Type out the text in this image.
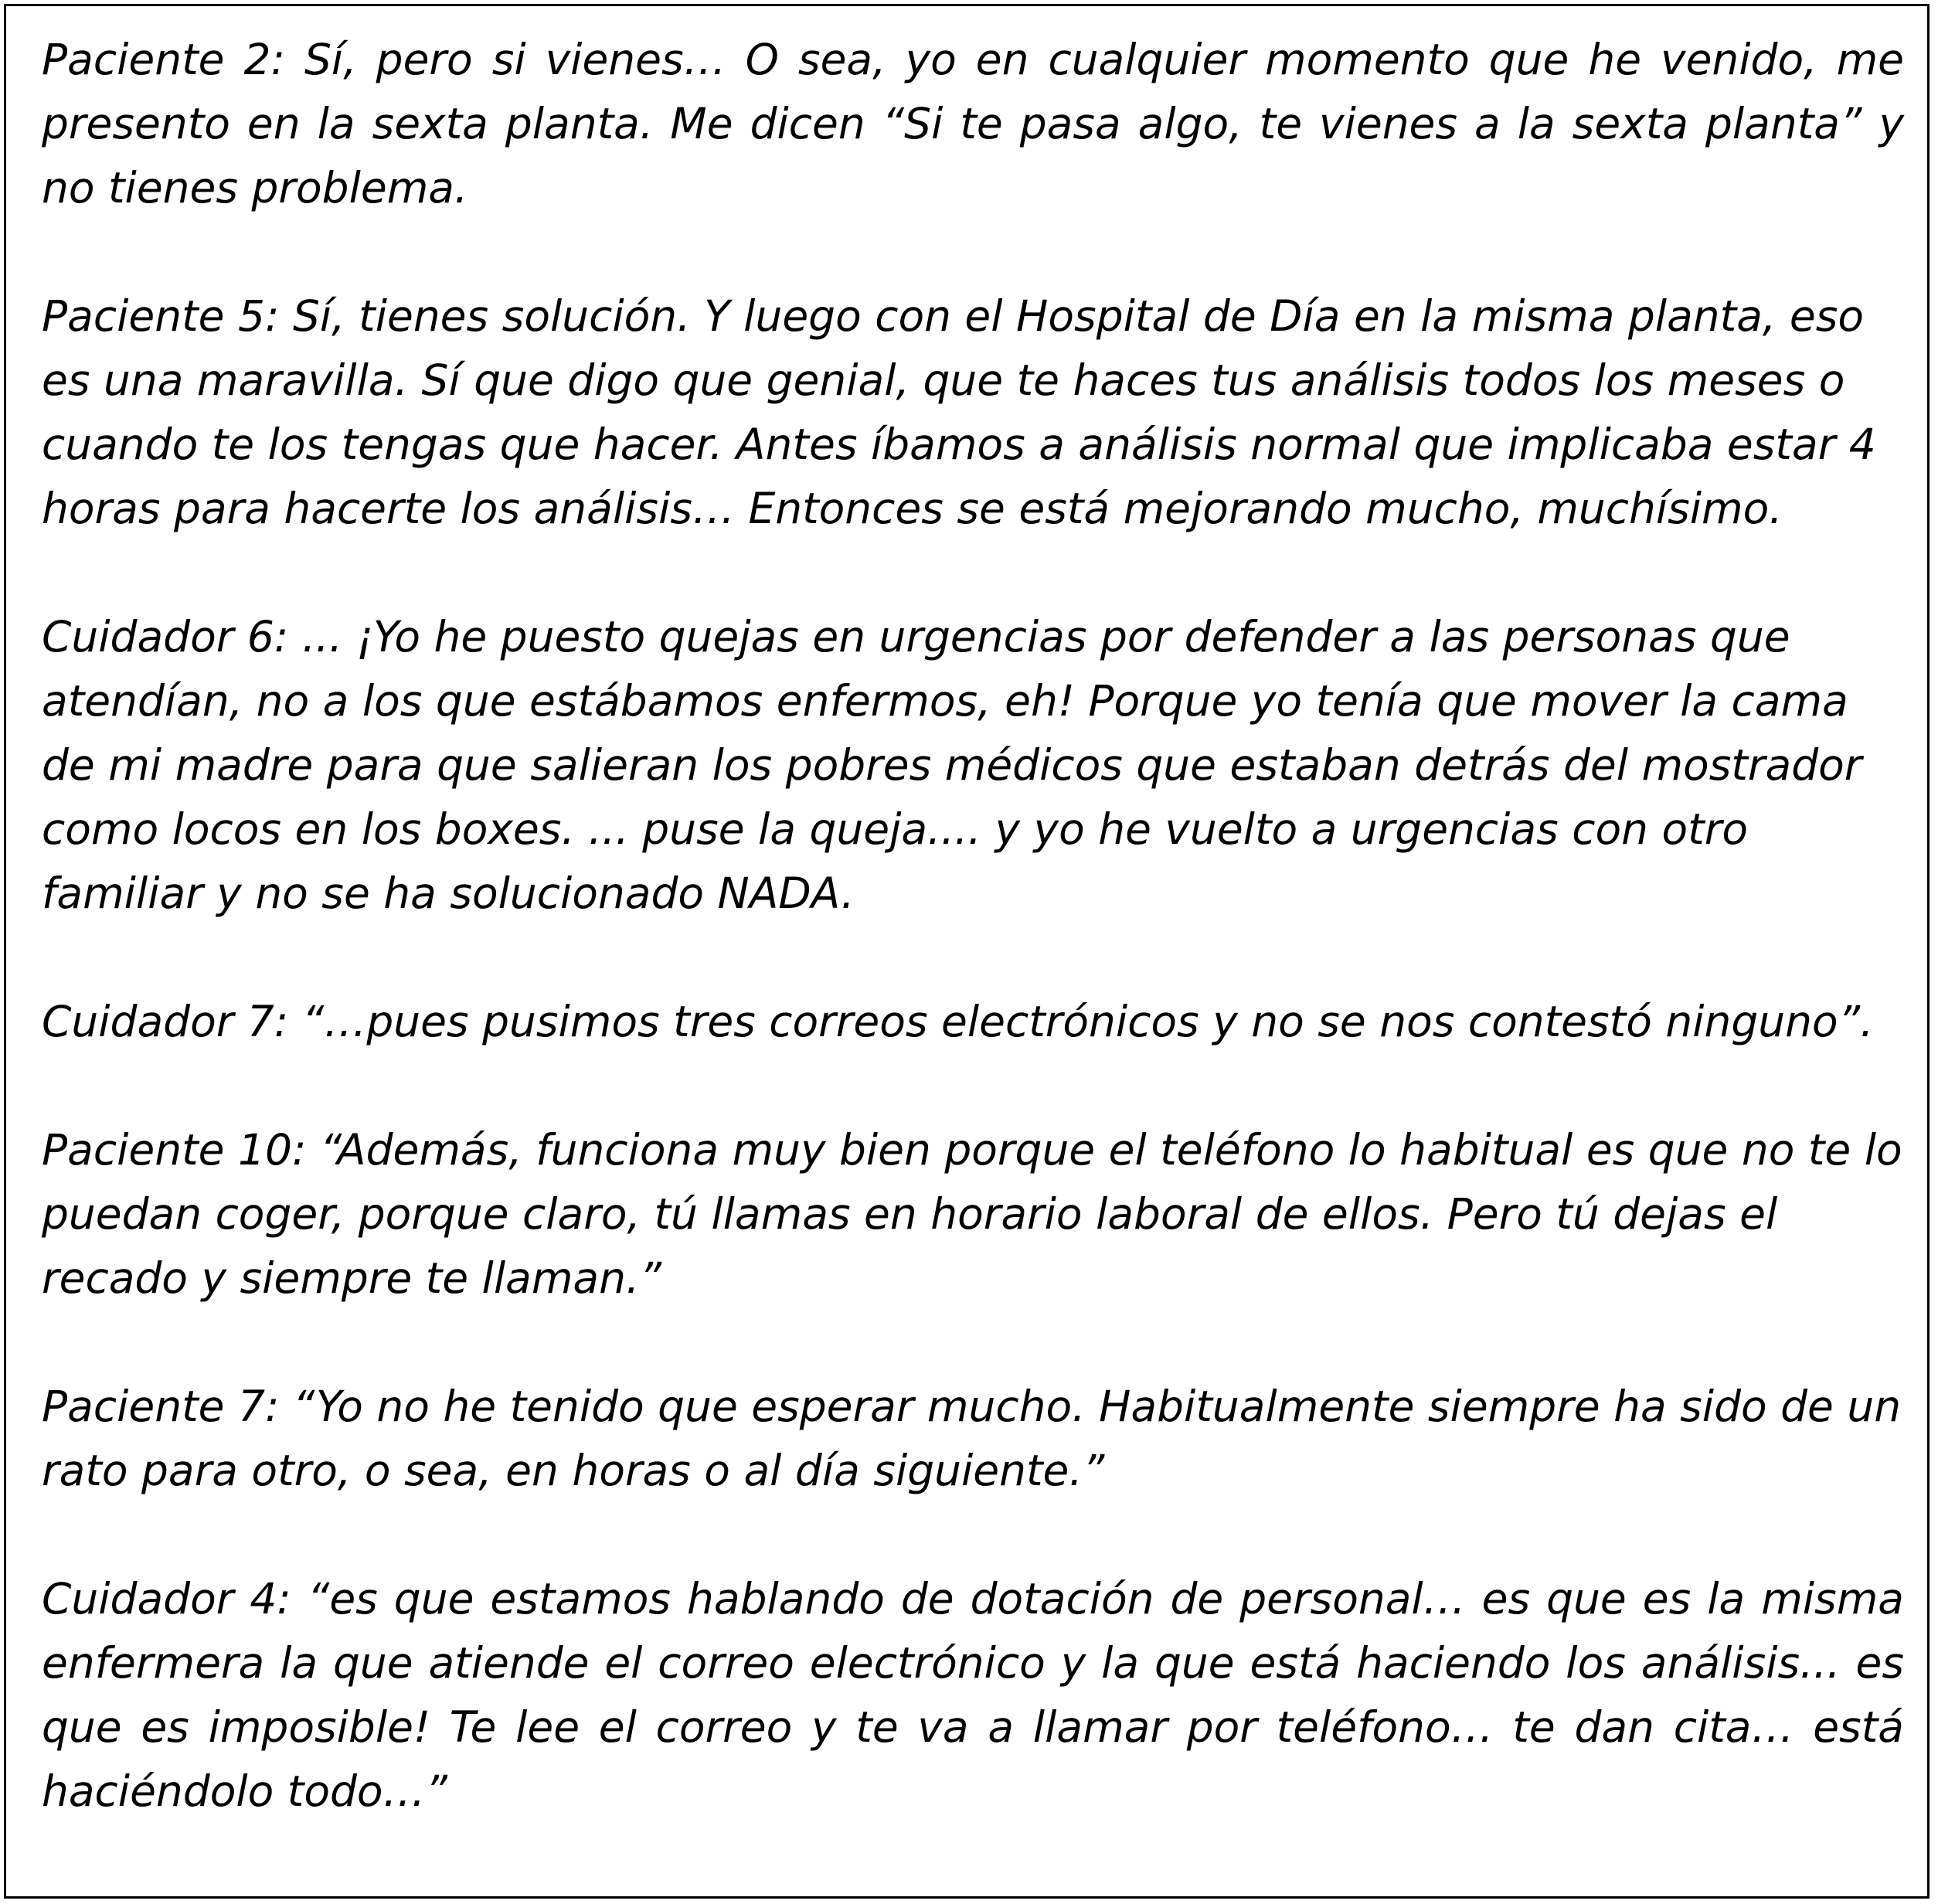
Paciente 2: Sí, pero si vienes… O sea, yo en cualquier momento que he venido, me presento en la sexta planta. Me dicen “Si te pasa algo, te vienes a la sexta planta” y no tienes problema.

Paciente 5: Sí, tienes solución. Y luego con el Hospital de Día en la misma planta, eso es una maravilla. Sí que digo que genial, que te haces tus análisis todos los meses o cuando te los tengas que hacer. Antes íbamos a análisis normal que implicaba estar 4 horas para hacerte los análisis… Entonces se está mejorando mucho, muchísimo.

Cuidador 6: ... ¡Yo he puesto quejas en urgencias por defender a las personas que atendían, no a los que estábamos enfermos, eh! Porque yo tenía que mover la cama de mi madre para que salieran los pobres médicos que estaban detrás del mostrador como locos en los boxes. ... puse la queja.... y yo he vuelto a urgencias con otro familiar y no se ha solucionado NADA.

Cuidador 7: “…pues pusimos tres correos electrónicos y no se nos contestó ninguno”.

Paciente 10: “Además, funciona muy bien porque el teléfono lo habitual es que no te lo puedan coger, porque claro, tú llamas en horario laboral de ellos. Pero tú dejas el recado y siempre te llaman.”

Paciente 7: “Yo no he tenido que esperar mucho. Habitualmente siempre ha sido de un rato para otro, o sea, en horas o al día siguiente.”

Cuidador 4: “es que estamos hablando de dotación de personal… es que es la misma enfermera la que atiende el correo electrónico y la que está haciendo los análisis... es que es imposible! Te lee el correo y te va a llamar por teléfono… te dan cita… está haciéndolo todo…”
